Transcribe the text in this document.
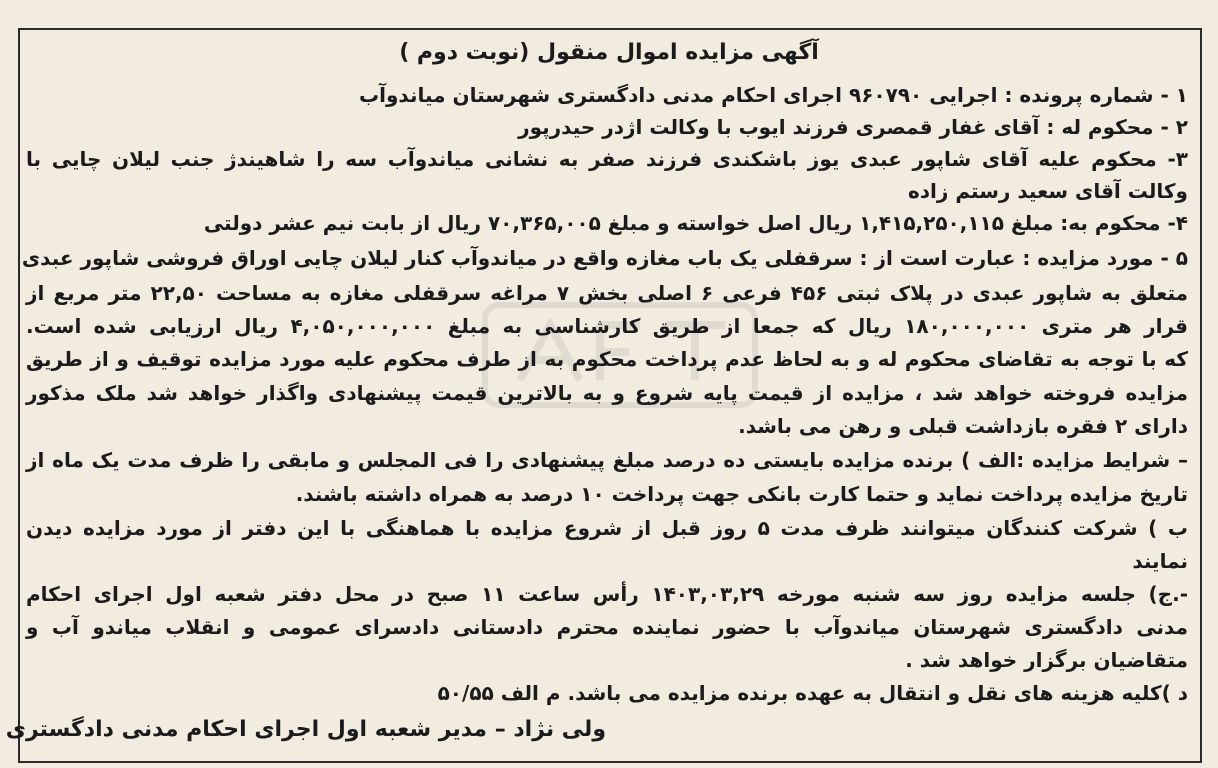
آگهی مزایده اموال منقول (نوبت دوم )
۱ - شماره پرونده : اجرایی ۹۶۰۷۹۰ اجرای احکام مدنی دادگستری شهرستان میاندوآب
۲ - محکوم له : آقای غفار قمصری فرزند ایوب با وکالت اژدر حیدرپور
۳- محکوم علیه آقای شاپور عبدی یوز باشکندی فرزند صفر به نشانی میاندوآب سه را شاهیندژ جنب لیلان چایی با
وکالت آقای سعید رستم زاده
۴- محکوم به: مبلغ ۱,۴۱۵,۲۵۰,۱۱۵ ریال اصل خواسته و مبلغ ۷۰,۳۶۵,۰۰۵ ریال از بابت نیم عشر دولتی
۵ - مورد مزایده : عبارت است از : سرقفلی یک باب مغازه واقع در میاندوآب کنار لیلان چایی اوراق فروشی شاپور عبدی
متعلق به شاپور عبدی در پلاک ثبتی ۴۵۶ فرعی ۶ اصلی بخش ۷ مراغه سرقفلی مغازه به مساحت ۲۲,۵۰ متر مربع از
قرار هر متری ۱۸۰,۰۰۰,۰۰۰ ریال که جمعا از طریق کارشناسی به مبلغ ۴,۰۵۰,۰۰۰,۰۰۰ ریال ارزیابی شده است.
که با توجه به تقاضای محکوم له و به لحاظ عدم پرداخت محکوم به از طرف محکوم علیه مورد مزایده توقیف و از طریق
مزایده فروخته خواهد شد ، مزایده از قیمت پایه شروع و به بالاترین قیمت پیشنهادی واگذار خواهد شد ملک مذکور
دارای ۲ فقره بازداشت قبلی و رهن می باشد.
– شرایط مزایده :الف ) برنده مزایده بایستی ده درصد مبلغ پیشنهادی را فی المجلس و مابقی را ظرف مدت یک ماه از
تاریخ مزایده پرداخت نماید و حتما کارت بانکی جهت پرداخت ۱۰ درصد به همراه داشته باشند.
ب ) شرکت کنندگان میتوانند ظرف مدت ۵ روز قبل از شروع مزایده با هماهنگی با این دفتر از مورد مزایده دیدن
نمایند
-.ج) جلسه مزایده روز سه شنبه مورخه ۱۴۰۳,۰۳,۲۹ رأس ساعت ۱۱ صبح در محل دفتر شعبه اول اجرای احکام
مدنی دادگستری شهرستان میاندوآب با حضور نماینده محترم دادستانی دادسرای عمومی و انقلاب میاندو آب و
متقاضیان برگزار خواهد شد .
د )کلیه هزینه های نقل و انتقال به عهده برنده مزایده می باشد. م الف ۵۰/۵۵
ولی نژاد – مدیر شعبه اول اجرای احکام مدنی دادگستری
